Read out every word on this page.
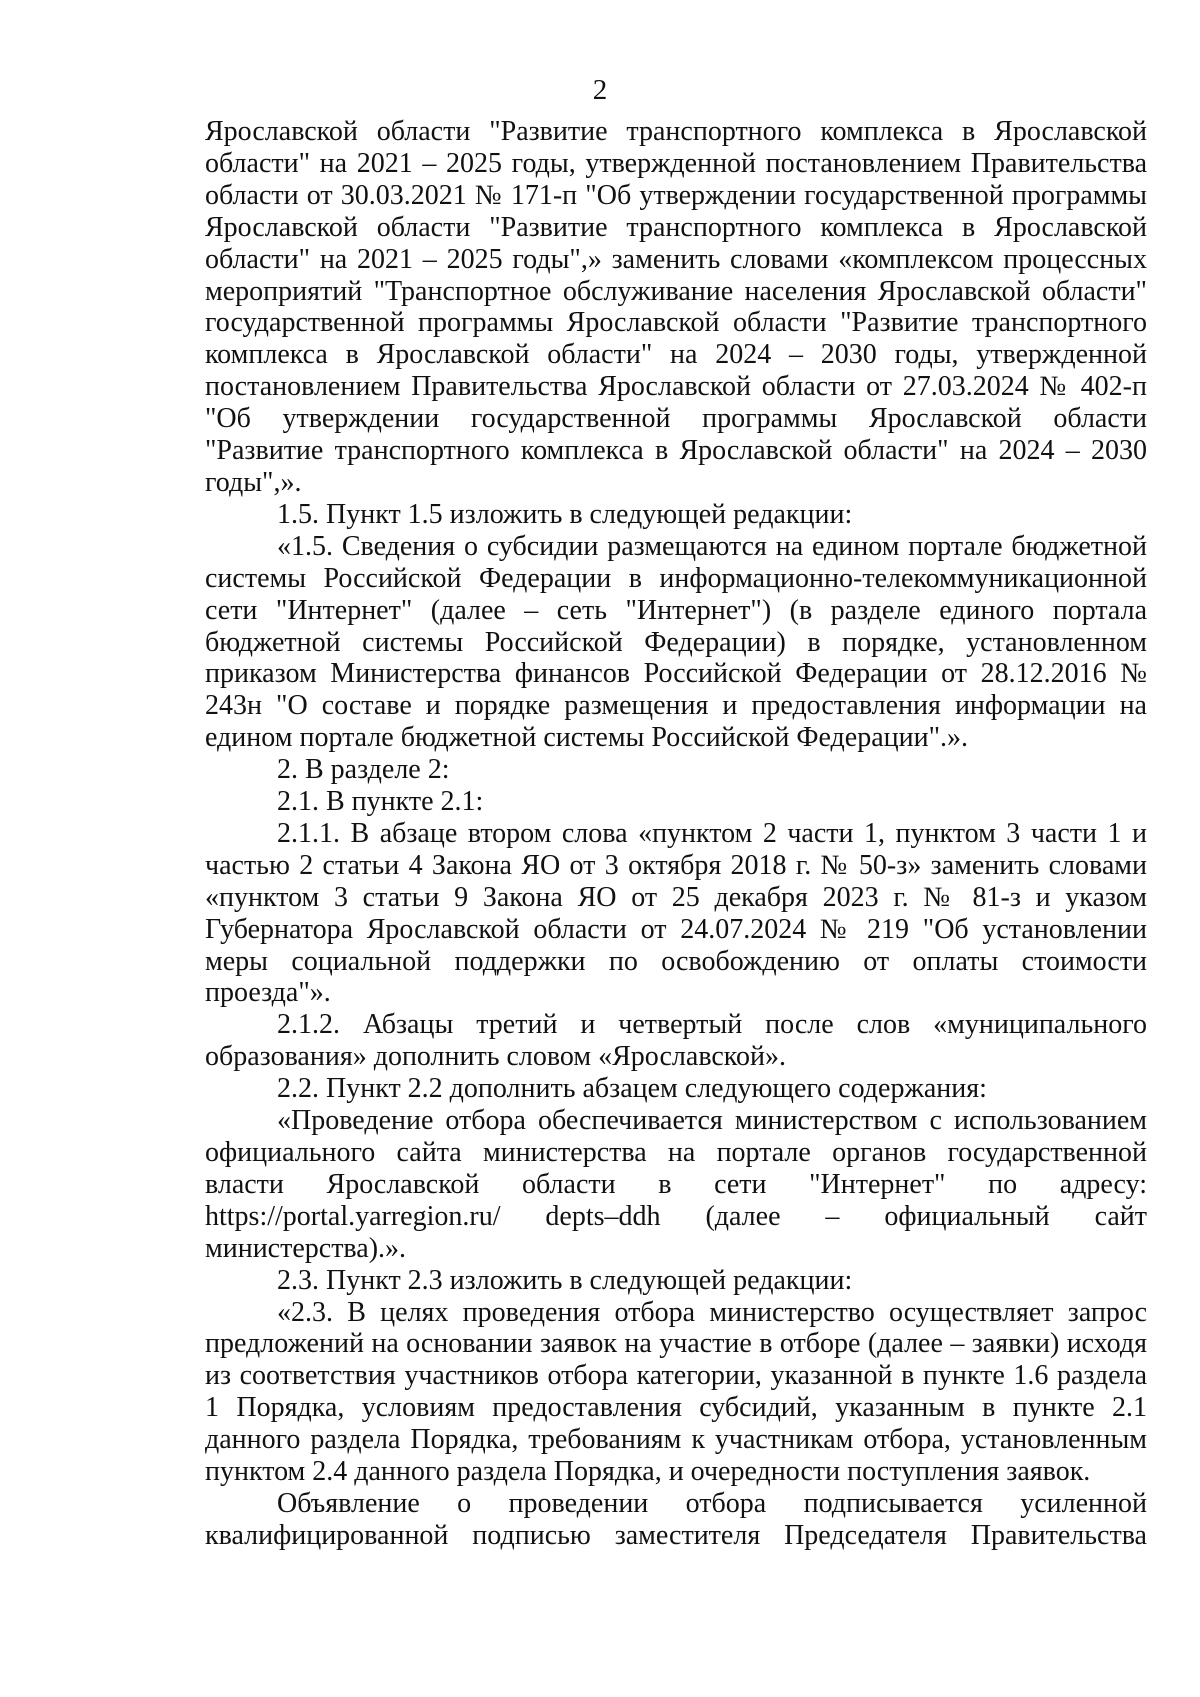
2

Ярославской области "Развитие транспортного комплекса в Ярославской области" на 2021 – 2025 годы, утвержденной постановлением Правительства области от 30.03.2021 № 171-п "Об утверждении государственной программы Ярославской области "Развитие транспортного комплекса в Ярославской области" на 2021 – 2025 годы",» заменить словами «комплексом процессных мероприятий "Транспортное обслуживание населения Ярославской области" государственной программы Ярославской области "Развитие транспортного комплекса в Ярославской области" на 2024 – 2030 годы, утвержденной постановлением Правительства Ярославской области от 27.03.2024 № 402-п "Об утверждении государственной программы Ярославской области "Развитие транспортного комплекса в Ярославской области" на 2024 – 2030 годы",».

1.5. Пункт 1.5 изложить в следующей редакции:

«1.5. Сведения о субсидии размещаются на едином портале бюджетной системы Российской Федерации в информационно-телекоммуникационной сети "Интернет" (далее – сеть "Интернет") (в разделе единого портала бюджетной системы Российской Федерации) в порядке, установленном приказом Министерства финансов Российской Федерации от 28.12.2016 № 243н "О составе и порядке размещения и предоставления информации на едином портале бюджетной системы Российской Федерации".».

2. В разделе 2:

2.1. В пункте 2.1:

2.1.1. В абзаце втором слова «пунктом 2 части 1, пунктом 3 части 1 и частью 2 статьи 4 Закона ЯО от 3 октября 2018 г. № 50-з» заменить словами «пунктом 3 статьи 9 Закона ЯО от 25 декабря 2023 г. № 81-з и указом Губернатора Ярославской области от 24.07.2024 № 219 "Об установлении меры социальной поддержки по освобождению от оплаты стоимости проезда"».

2.1.2. Абзацы третий и четвертый после слов «муниципального образования» дополнить словом «Ярославской».

2.2. Пункт 2.2 дополнить абзацем следующего содержания:

«Проведение отбора обеспечивается министерством с использованием официального сайта министерства на портале органов государственной власти Ярославской области в сети "Интернет" по адресу: https://portal.yarregion.ru/ depts–ddh (далее – официальный сайт министерства).».

2.3. Пункт 2.3 изложить в следующей редакции:

«2.3. В целях проведения отбора министерство осуществляет запрос предложений на основании заявок на участие в отборе (далее – заявки) исходя из соответствия участников отбора категории, указанной в пункте 1.6 раздела 1 Порядка, условиям предоставления субсидий, указанным в пункте 2.1 данного раздела Порядка, требованиям к участникам отбора, установленным пунктом 2.4 данного раздела Порядка, и очередности поступления заявок.

Объявление о проведении отбора подписывается усиленной квалифицированной подписью заместителя Председателя Правительства
